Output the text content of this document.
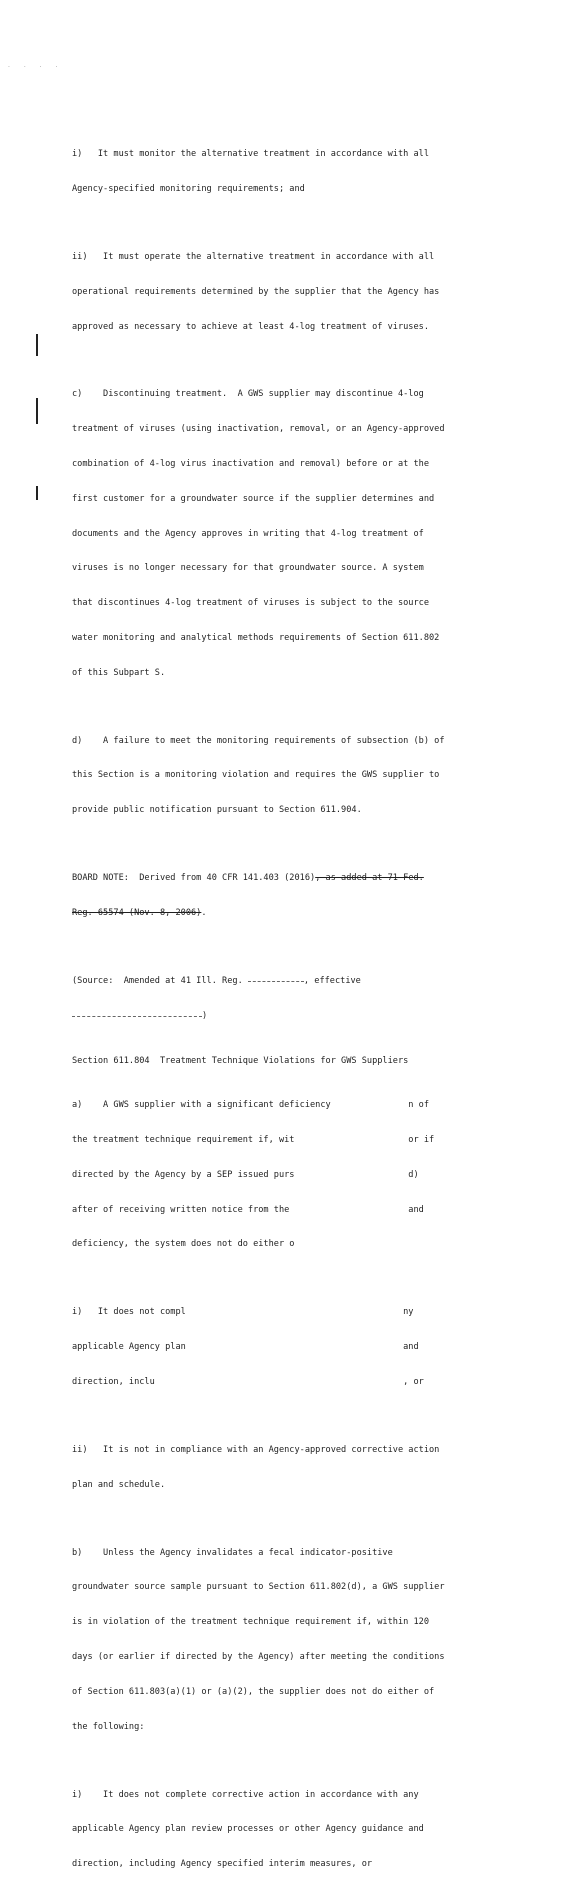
. . . .

i)   It must monitor the alternative treatment in accordance with all

Agency-specified monitoring requirements; and

ii)   It must operate the alternative treatment in accordance with all

operational requirements determined by the supplier that the Agency has

approved as necessary to achieve at least 4-log treatment of viruses.

c)    Discontinuing treatment.  A GWS supplier may discontinue 4-log

treatment of viruses (using inactivation, removal, or an Agency-approved

combination of 4-log virus inactivation and removal) before or at the

first customer for a groundwater source if the supplier determines and

documents and the Agency approves in writing that 4-log treatment of

viruses is no longer necessary for that groundwater source. A system

that discontinues 4-log treatment of viruses is subject to the source

water monitoring and analytical methods requirements of Section 611.802

of this Subpart S.

d)    A failure to meet the monitoring requirements of subsection (b) of

this Section is a monitoring violation and requires the GWS supplier to

provide public notification pursuant to Section 611.904.

BOARD NOTE:  Derived from 40 CFR 141.403 (2016), as added at 71 Fed.

Reg. 65574 (Nov. 8, 2006).

(Source:  Amended at 41 Ill. Reg.	, effective

)

Section 611.804  Treatment Technique Violations for GWS Suppliers

a)    A GWS supplier with a significant deficiency               n of

the treatment technique requirement if, wit                      or if

directed by the Agency by a SEP issued purs                      d)

after of receiving written notice from the                       and

deficiency, the system does not do either o

i)   It does not compl                                          ny

applicable Agency plan                                          and

direction, inclu                                                , or

ii)   It is not in compliance with an Agency-approved corrective action

plan and schedule.

b)    Unless the Agency invalidates a fecal indicator-positive

groundwater source sample pursuant to Section 611.802(d), a GWS supplier

is in violation of the treatment technique requirement if, within 120

days (or earlier if directed by the Agency) after meeting the conditions

of Section 611.803(a)(1) or (a)(2), the supplier does not do either of

the following:

i)    It does not complete corrective action in accordance with any

applicable Agency plan review processes or other Agency guidance and

direction, including Agency specified interim measures, or
